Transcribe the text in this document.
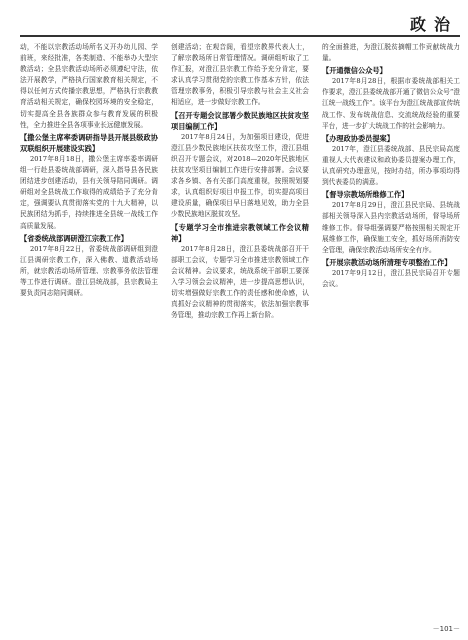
政治

动，不能以宗教活动场所名义开办幼儿园、学前班，来经批准，各类制造、不能举办大型宗教活动；全县宗教活动场所必须遵纪守法，依法开展教学，严格执行国家教育相关规定，不得以任何方式传播宗教思想，严格执行宗教教育活动相关规定，确保校园环境的安全稳定，切实提高全县各族群众参与教育发展的积极性，全力推进全县各项事业长远健康发展。

【撒公堡主席率委调研指导县开展县级政协双联组织开展建设实践】

2017年8月18日，撒公堡主席率委率调研组一行赴县委统战部调研，深入指导县各民族团结进步创建活动，县有关领导陪同调研。调研组对全县统战工作取得的成绩给予了充分肯定，强调要认真贯彻落实党的十九大精神，以民族团结为抓手，持续推进全县统一战线工作高质量发展。

【省委统战部调研澄江宗教工作】

2017年8月22日，省委统战部调研组到澄江县调研宗教工作，深入佛教、道教活动场所，就宗教活动场所管理、宗教事务依法管理等工作进行调研。澄江县统战部，县宗教局主要负责同志陪同调研。

创建活动；在观音阁，看望宗教界代表人士，了解宗教场所日常管理情况。调研组听取了工作汇报，对澄江县宗教工作给予充分肯定，要求认真学习贯彻党的宗教工作基本方针，依法管理宗教事务，积极引导宗教与社会主义社会相适应，进一步做好宗教工作。

【召开专题会议部署少数民族地区扶贫攻坚项目编制工作】

2017年8月24日，为加强项目建设，促进澄江县少数民族地区扶贫攻坚工作，澄江县组织召开专题会议，对2018—2020年民族地区扶贫攻坚项目编制工作进行安排部署。会议要求各乡镇、各有关部门高度重视，按照规划要求，认真组织好项目申报工作，切实提高项目建设质量，确保项目早日落地见效，助力全县少数民族地区脱贫攻坚。

【专题学习全市推进宗教领域工作会议精神】

2017年8月28日，澄江县委统战部召开干部职工会议，专题学习全市推进宗教领域工作会议精神。会议要求，统战系统干部职工要深入学习领会会议精神，进一步提高思想认识，切实增强做好宗教工作的责任感和使命感，认真抓好会议精神的贯彻落实，依法加强宗教事务管理，推动宗教工作再上新台阶。

的全面推进，为澄江脱贫摘帽工作贡献统战力量。

【开通微信公众号】

2017年8月28日，根据市委统战部相关工作要求，澄江县委统战部开通了微信公众号“澄江统一战线工作”。该平台为澄江统战部宣传统战工作、发布统战信息、交流统战经验的重要平台，进一步扩大统战工作的社会影响力。

【办理政协委员提案】

2017年，澄江县委统战部、县民宗局高度重视人大代表建议和政协委员提案办理工作，认真研究办理意见，按时办结，所办事项均得到代表委员的满意。

【督导宗教场所维修工作】

2017年8月29日，澄江县民宗局、县统战部相关领导深入县内宗教活动场所，督导场所维修工作。督导组强调要严格按照相关规定开展维修工作，确保施工安全，抓好场所消防安全管理，确保宗教活动场所安全有序。

【开展宗教活动场所清理专项整治工作】

2017年9月12日，澄江县民宗局召开专题会议。

－101－
